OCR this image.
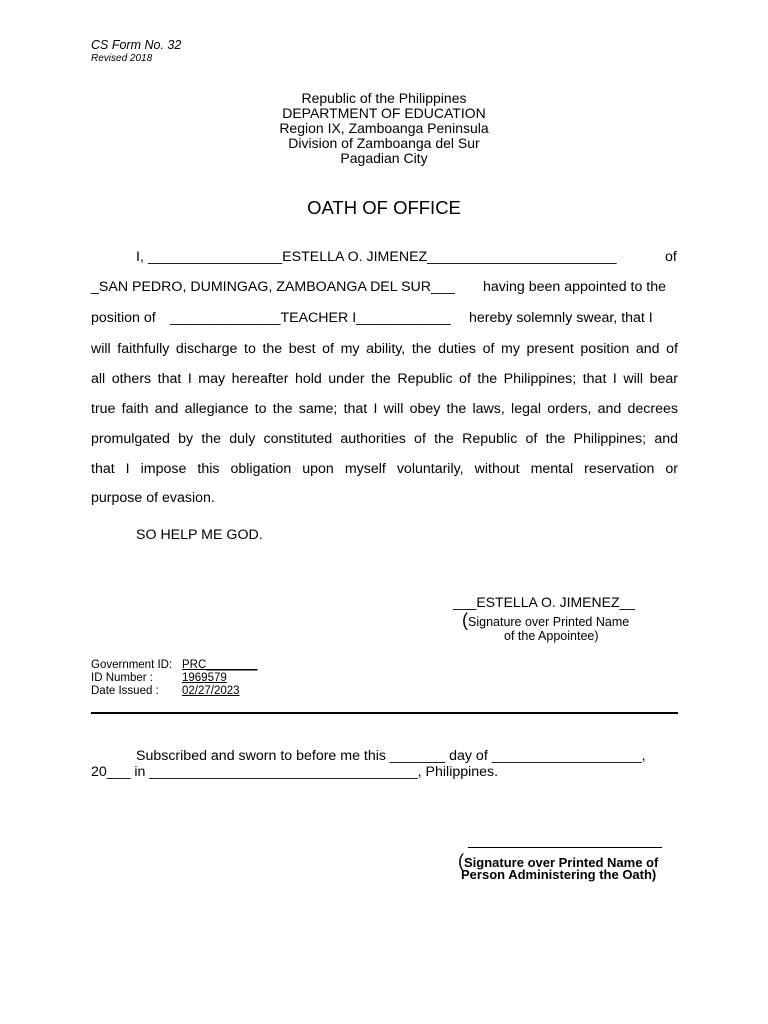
CS Form No. 32
Revised 2018
Republic of the Philippines
DEPARTMENT OF EDUCATION
Region IX, Zamboanga Peninsula
Division of Zamboanga del Sur
Pagadian City
OATH OF OFFICE
I, _________________ESTELLA O. JIMENEZ________________________	of
_SAN PEDRO, DUMINGAG, ZAMBOANGA DEL SUR___ having been appointed to the
position of ______________TEACHER I____________ hereby solemnly swear, that I
will faithfully discharge to the best of my ability, the duties of my present position and of
all others that I may hereafter hold under the Republic of the Philippines; that I will bear
true faith and allegiance to the same; that I will obey the laws, legal orders, and decrees
promulgated by the duly constituted authorities of the Republic of the Philippines; and
that I impose this obligation upon myself voluntarily, without mental reservation or
purpose of evasion.
SO HELP ME GOD.
___ESTELLA O. JIMENEZ__
(Signature over Printed Name
of the Appointee)
Government ID: PRC________
ID Number :	1969579
Date Issued : 02/27/2023
Subscribed and sworn to before me this _______ day of ___________________,
20___ in __________________________________, Philippines.
(Signature over Printed Name of
Person Administering the Oath)
